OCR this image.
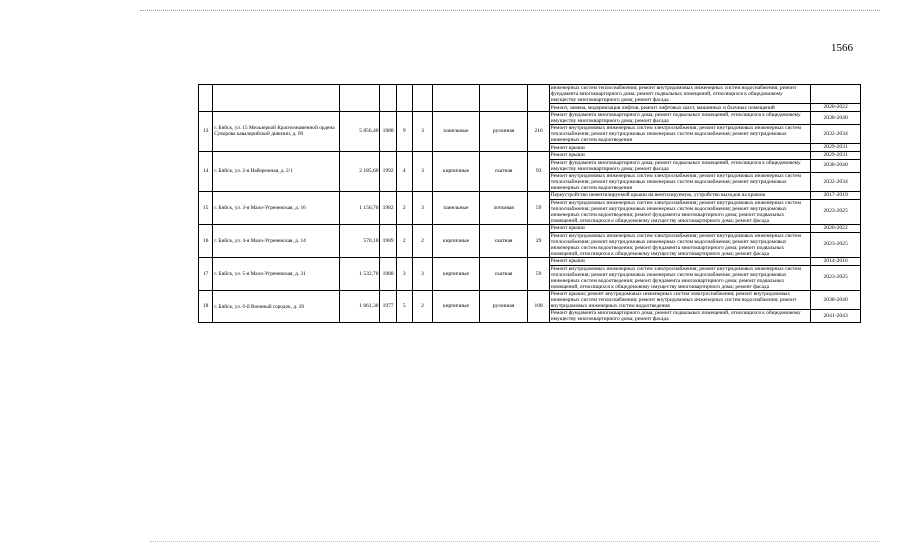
1566
									инженерных систем теплоснабжения; ремонт внутридомовых инженерных систем водоснабжения; ремонт фундамента многоквартирного дома; ремонт подвальных помещений, относящихся к общедомовому имуществу многоквартирного дома; ремонт фасада	
									Ремонт, замена, модернизация лифтов, ремонт лифтовых шахт, машинных и блочных помещений	2020-2022
13	г. Бийск, ул. 15 Мельзеркой Краснознаменной ордена Суворова кавалерийской дивизии, д. 69	5 856,40	1988	9	3	панельные	рулонная	216	Ремонт фундамента многоквартирного дома; ремонт подвальных помещений, относящихся к общедомовому имуществу многоквартирного дома; ремонт фасада	2038-2040
									Ремонт внутридомовых инженерных систем электроснабжения; ремонт внутридомовых инженерных систем теплоснабжения; ремонт внутридомовых инженерных систем водоснабжения; ремонт внутридомовых инженерных систем водоотведения	2032-2034
									Ремонт крыши	2029-2031
14	г. Бийск, ул. 2-я Набережная, д. 2/1	2 185,60	1992	4	3	кирпичные	скатная	93	Ремонт крыши	2029-2031
									Ремонт фундамента многоквартирного дома; ремонт подвальных помещений, относящихся к общедомовому имуществу многоквартирного дома; ремонт фасада	2038-2040
									Ремонт внутридомовых инженерных систем электроснабжения; ремонт внутридомовых инженерных систем теплоснабжения; ремонт внутридомовых инженерных систем водоснабжения; ремонт внутридомовых инженерных систем водоотведения	2032-2034
15	г. Бийск, ул. 3-я Мало-Угреневская, д. 16	1 156,70	1982	2	3	панельные	лотковая	59	Переустройство невентилируемой крыши на вентилируемую, устройство выходов на кровлю	2017-2019
									Ремонт внутридомовых инженерных систем электроснабжения; ремонт внутридомовых инженерных систем теплоснабжения; ремонт внутридомовых инженерных систем водоснабжения; ремонт внутридомовых инженерных систем водоотведения; ремонт фундамента многоквартирного дома; ремонт подвальных помещений, относящихся к общедомовому имуществу многоквартирного дома; ремонт фасада	2023-2025
16	г. Бийск, ул. 4-я Мало-Угреневская, д. 14	570,10	1989	2	2	кирпичные	скатная	29	Ремонт крыши	2020-2022
									Ремонт внутридомовых инженерных систем электроснабжения; ремонт внутридомовых инженерных систем теплоснабжения; ремонт внутридомовых инженерных систем водоснабжения; ремонт внутридомовых инженерных систем водоотведения; ремонт фундамента многоквартирного дома; ремонт подвальных помещений, относящихся к общедомовому имуществу многоквартирного дома; ремонт фасада	2023-2025
17	г. Бийск, ул. 5-я Мало-Угреневская, д. 31	1 532,70	1988	3	3	кирпичные	скатная	59	Ремонт крыши	2014-2016
									Ремонт внутридомовых инженерных систем электроснабжения; ремонт внутридомовых инженерных систем теплоснабжения; ремонт внутридомовых инженерных систем водоснабжения; ремонт внутридомовых инженерных систем водоотведения; ремонт фундамента многоквартирного дома; ремонт подвальных помещений, относящихся к общедомовому имуществу многоквартирного дома; ремонт фасада	2023-2025
18	г. Бийск, ул. 6-й Военный городок, д. 39	1 061,30	1977	5	2	кирпичные	рулонная	108	Ремонт крыши; ремонт внутридомовых инженерных систем электроснабжения; ремонт внутридомовых инженерных систем теплоснабжения; ремонт внутридомовых инженерных систем водоснабжения; ремонт внутридомовых инженерных систем водоотведения	2038-2040
									Ремонт фундамента многоквартирного дома; ремонт подвальных помещений, относящихся к общедомовому имуществу многоквартирного дома; ремонт фасада	2041-2043
